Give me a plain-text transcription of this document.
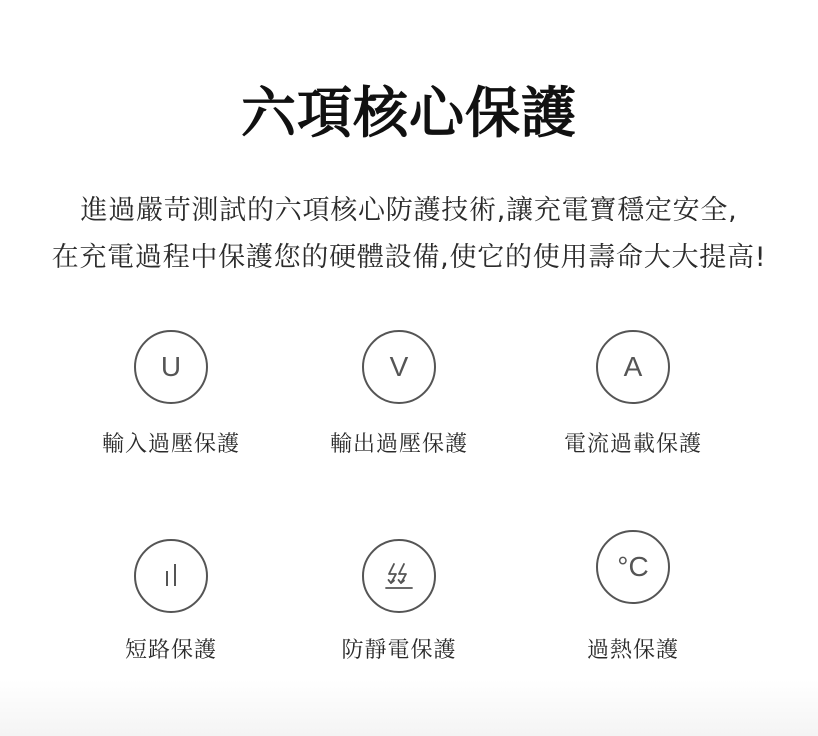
六項核心保護

進過嚴苛測試的六項核心防護技術,讓充電寶穩定安全,

在充電過程中保護您的硬體設備,使它的使用壽命大大提高!

U
輸入過壓保護
V
輸出過壓保護
A
電流過載保護
短路保護	防靜電保護
°C
過熱保護
